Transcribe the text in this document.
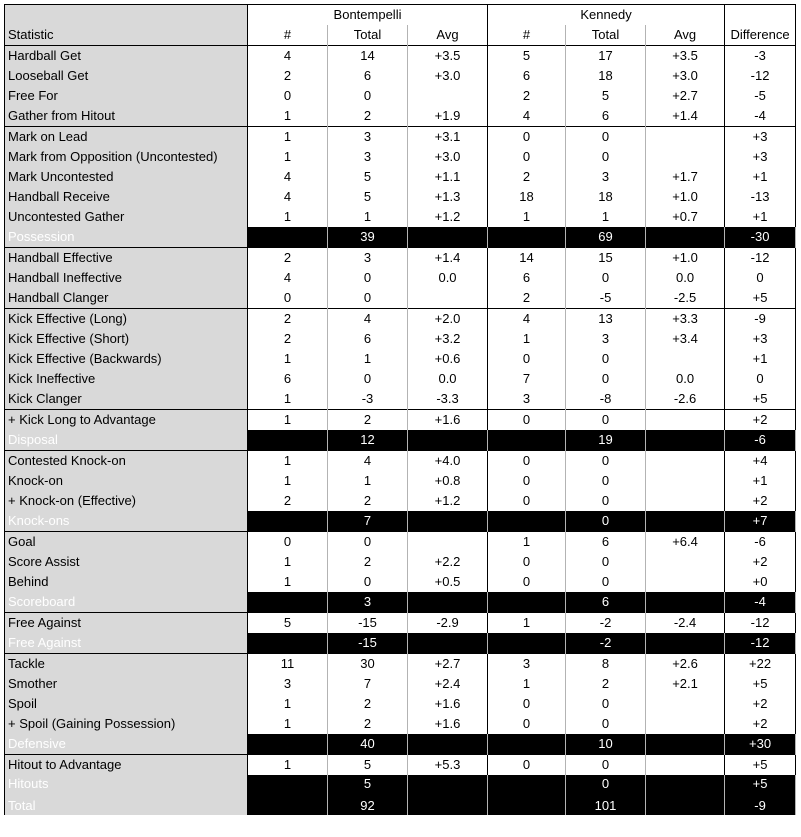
	Bontempelli			Kennedy			
Statistic	#	Total	Avg	#	Total	Avg	Difference
Hardball Get	4	14	+3.5	5	17	+3.5	-3
Looseball Get	2	6	+3.0	6	18	+3.0	-12
Free For	0	0		2	5	+2.7	-5
Gather from Hitout	1	2	+1.9	4	6	+1.4	-4
Mark on Lead	1	3	+3.1	0	0		+3
Mark from Opposition (Uncontested)	1	3	+3.0	0	0		+3
Mark Uncontested	4	5	+1.1	2	3	+1.7	+1
Handball Receive	4	5	+1.3	18	18	+1.0	-13
Uncontested Gather	1	1	+1.2	1	1	+0.7	+1
Possession		39			69		-30
Handball Effective	2	3	+1.4	14	15	+1.0	-12
Handball Ineffective	4	0	0.0	6	0	0.0	0
Handball Clanger	0	0		2	-5	-2.5	+5
Kick Effective (Long)	2	4	+2.0	4	13	+3.3	-9
Kick Effective (Short)	2	6	+3.2	1	3	+3.4	+3
Kick Effective (Backwards)	1	1	+0.6	0	0		+1
Kick Ineffective	6	0	0.0	7	0	0.0	0
Kick Clanger	1	-3	-3.3	3	-8	-2.6	+5
+ Kick Long to Advantage	1	2	+1.6	0	0		+2
Disposal		12			19		-6
Contested Knock-on	1	4	+4.0	0	0		+4
Knock-on	1	1	+0.8	0	0		+1
+ Knock-on (Effective)	2	2	+1.2	0	0		+2
Knock-ons		7			0		+7
Goal	0	0		1	6	+6.4	-6
Score Assist	1	2	+2.2	0	0		+2
Behind	1	0	+0.5	0	0		+0
Scoreboard		3			6		-4
Free Against	5	-15	-2.9	1	-2	-2.4	-12
Free Against		-15			-2		-12
Tackle	11	30	+2.7	3	8	+2.6	+22
Smother	3	7	+2.4	1	2	+2.1	+5
Spoil	1	2	+1.6	0	0		+2
+ Spoil (Gaining Possession)	1	2	+1.6	0	0		+2
Defensive		40			10		+30
Hitout to Advantage	1	5	+5.3	0	0		+5
Hitouts		5			0		+5
Total		92			101		-9
